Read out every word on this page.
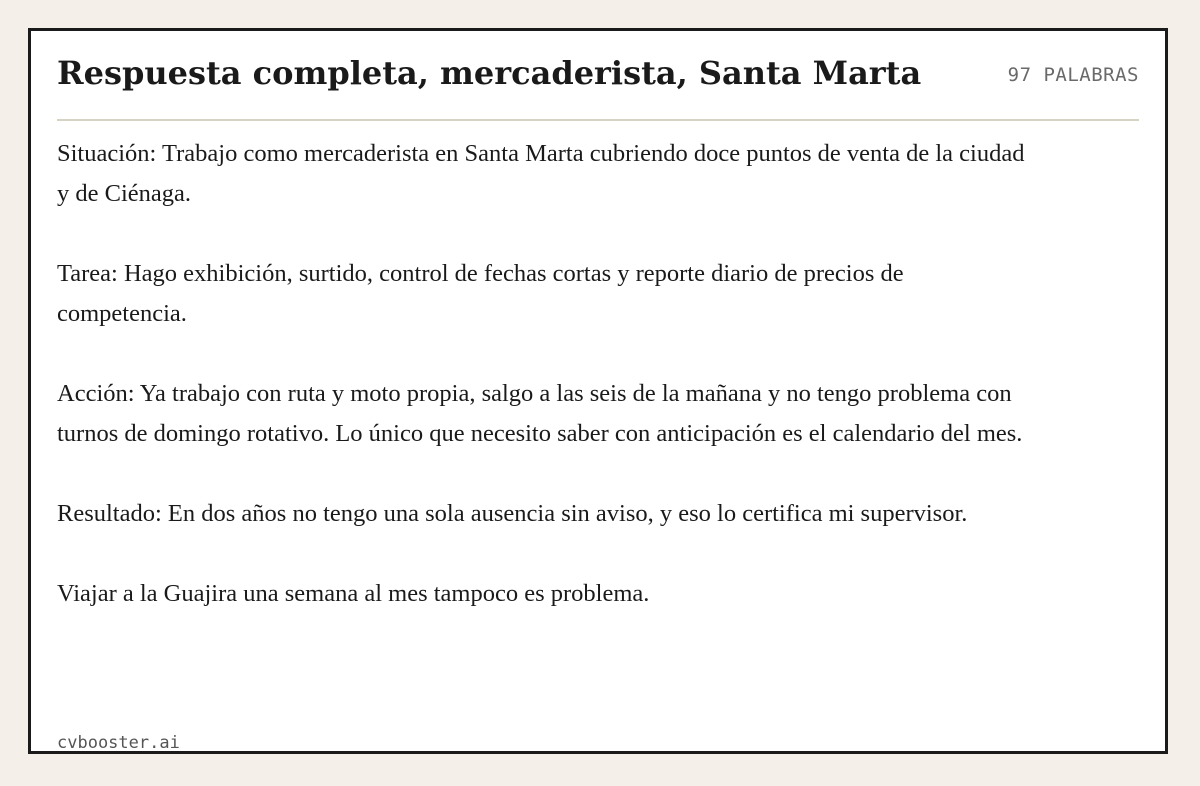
Respuesta completa, mercaderista, Santa Marta	97 PALABRAS

Situación: Trabajo como mercaderista en Santa Marta cubriendo doce puntos de venta de la ciudad y de Ciénaga.

Tarea: Hago exhibición, surtido, control de fechas cortas y reporte diario de precios de competencia.

Acción: Ya trabajo con ruta y moto propia, salgo a las seis de la mañana y no tengo problema con turnos de domingo rotativo. Lo único que necesito saber con anticipación es el calendario del mes.

Resultado: En dos años no tengo una sola ausencia sin aviso, y eso lo certifica mi supervisor.

Viajar a la Guajira una semana al mes tampoco es problema.

cvbooster.ai
